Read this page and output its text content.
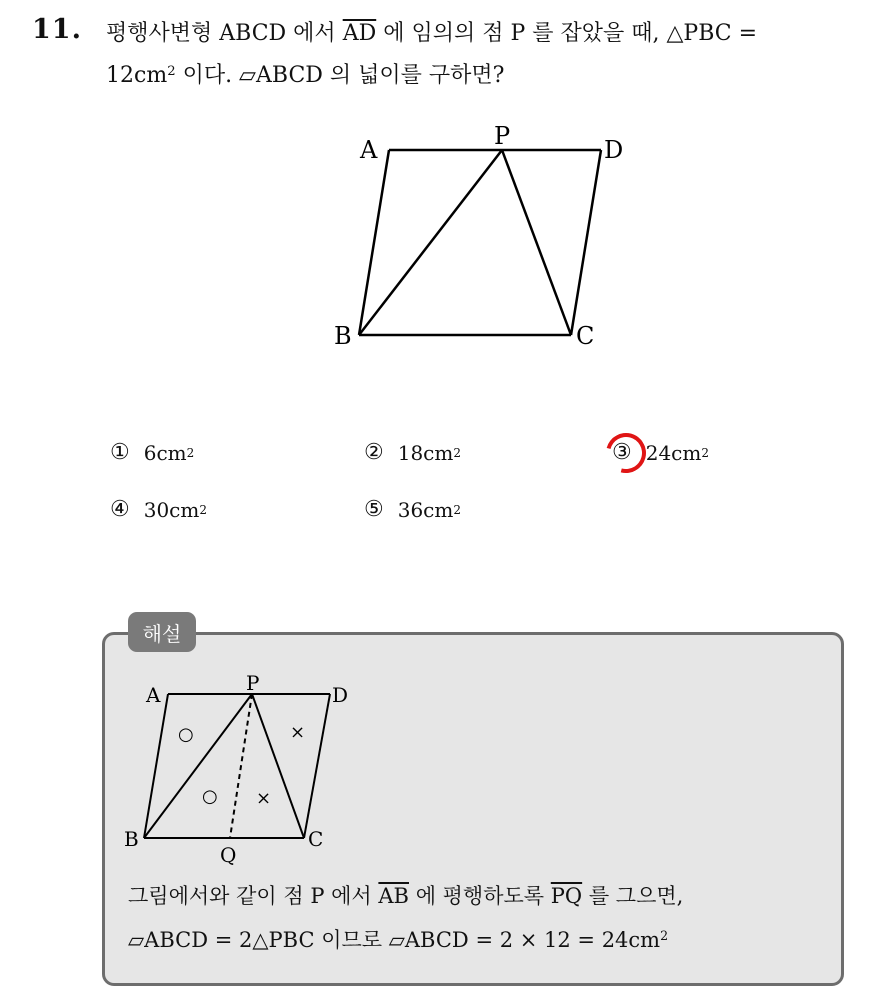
11. 평행사변형 ABCD 에서 $\overline{AD}$ 에 임의의 점 P 를 잡았을 때, △PBC =
$12cm^2$ 이다. ▱ABCD 의 넓이를 구하면?
A	P	D
B	C
① 6cm 2	② 18cm 2	③ 24cm 2
④ 30cm 2	⑤ 36cm 2
해설
A	P	D
B	C
Q
○
○
×
×
그림에서와 같이 점 P 에서 $\overline{AB}$ 에 평행하도록 $\overline{PQ}$ 를 그으면,
▱ABCD = 2△PBC 이므로 ▱ABCD = $2 \times 12 = 24cm^2$
